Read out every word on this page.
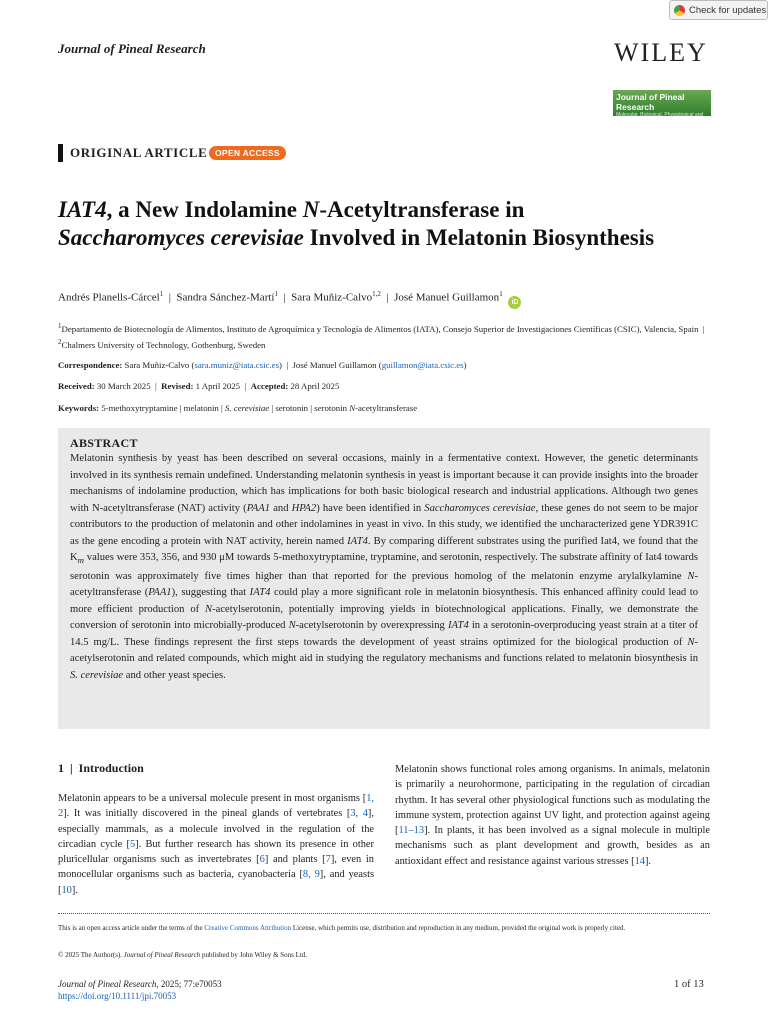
Check for updates
Journal of Pineal Research	WILEY
Journal of Pineal Research
Molecular, Biological, Physiological and Clinical Aspects of Melatonin
ORIGINAL ARTICLE OPEN ACCESS
IAT4, a New Indolamine N-Acetyltransferase in
Saccharomyces cerevisiae Involved in Melatonin Biosynthesis
Andrés Planells-Cárcel$^1$  |  Sandra Sánchez-Martí$^1$  |  Sara Muñiz-Calvo$^{1,2}$  |  José Manuel Guillamon$^1$ iD
$^1$Departamento de Biotecnología de Alimentos, Instituto de Agroquímica y Tecnología de Alimentos (IATA), Consejo Superior de Investigaciones Científicas (CSIC), Valencia, Spain  |  $^2$Chalmers University of Technology, Gothenburg, Sweden
Correspondence: Sara Muñiz-Calvo (sara.muniz@iata.csic.es)  |  José Manuel Guillamon (guillamon@iata.csic.es)
Received: 30 March 2025  |  Revised: 1 April 2025  |  Accepted: 28 April 2025
Keywords: 5-methoxytryptamine | melatonin | S. cerevisiae | serotonin | serotonin N-acetyltransferase
ABSTRACT
Melatonin synthesis by yeast has been described on several occasions, mainly in a fermentative context. However, the genetic determinants involved in its synthesis remain undefined. Understanding melatonin synthesis in yeast is important because it can provide insights into the broader mechanisms of indolamine production, which has implications for both basic biological research and industrial applications. Although two genes with N-acetyltransferase (NAT) activity (PAA1 and HPA2) have been identified in Saccharomyces cerevisiae, these genes do not seem to be major contributors to the production of melatonin and other indolamines in yeast in vivo. In this study, we identified the uncharacterized gene YDR391C as the gene encoding a protein with NAT activity, herein named IAT4. By comparing different substrates using the purified Iat4, we found that the $K_m$ values were 353, 356, and 930 μM towards 5-methoxytryptamine, tryptamine, and serotonin, respectively. The substrate affinity of Iat4 towards serotonin was approximately five times higher than that reported for the previous homolog of the melatonin enzyme arylalkylamine N-acetyltransferase (PAA1), suggesting that IAT4 could play a more significant role in melatonin biosynthesis. This enhanced affinity could lead to more efficient production of N-acetylserotonin, potentially improving yields in biotechnological applications. Finally, we demonstrate the conversion of serotonin into microbially-produced N-acetylserotonin by overexpressing IAT4 in a serotonin-overproducing yeast strain at a titer of 14.5 mg/L. These findings represent the first steps towards the development of yeast strains optimized for the biological production of N-acetylserotonin and related compounds, which might aid in studying the regulatory mechanisms and functions related to melatonin biosynthesis in S. cerevisiae and other yeast species.
1  |  Introduction
Melatonin appears to be a universal molecule present in most organisms [1, 2]. It was initially discovered in the pineal glands of vertebrates [3, 4], especially mammals, as a molecule involved in the regulation of the circadian cycle [5]. But further research has shown its presence in other pluricellular organisms such as invertebrates [6] and plants [7], even in monocellular organisms such as bacteria, cyanobacteria [8, 9], and yeasts [10].
Melatonin shows functional roles among organisms. In animals, melatonin is primarily a neurohormone, participating in the regulation of circadian rhythm. It has several other physiological functions such as modulating the immune system, protection against UV light, and protection against ageing [11–13]. In plants, it has been involved as a signal molecule in multiple mechanisms such as plant development and growth, besides as an antioxidant effect and resistance against various stresses [14].
This is an open access article under the terms of the Creative Commons Attribution License, which permits use, distribution and reproduction in any medium, provided the original work is properly cited.
© 2025 The Author(s). Journal of Pineal Research published by John Wiley & Sons Ltd.
Journal of Pineal Research, 2025; 77:e70053
https://doi.org/10.1111/jpi.70053
1 of 13
